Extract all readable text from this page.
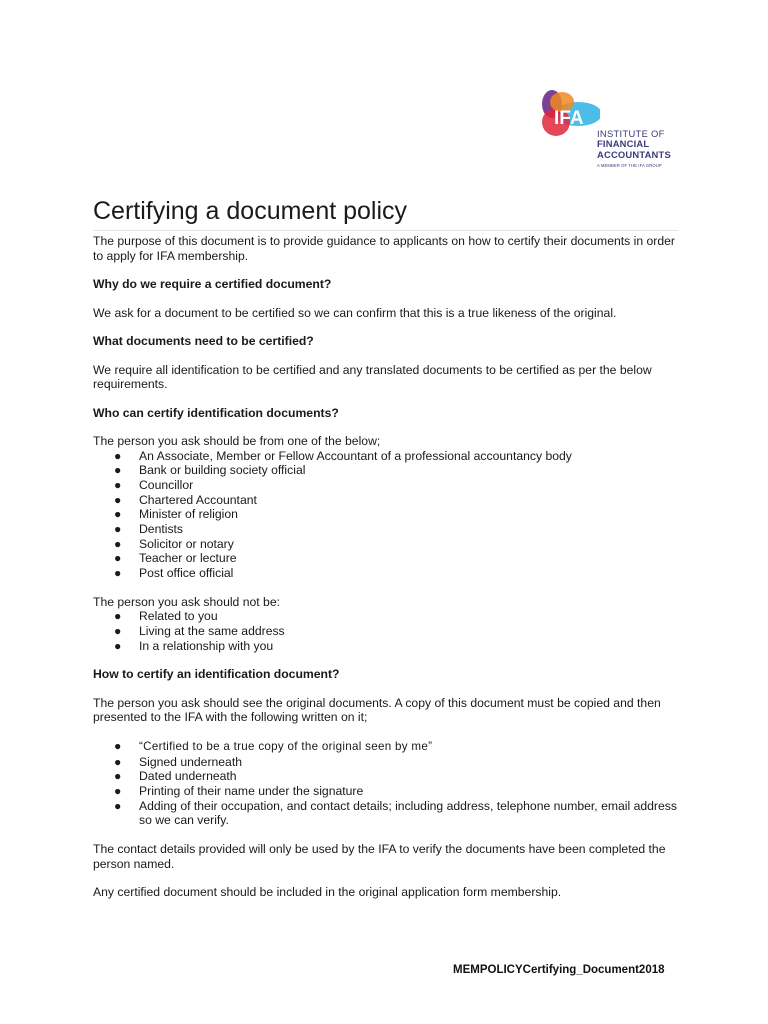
IFA
INSTITUTE OF
FINANCIAL
ACCOUNTANTS
A MEMBER OF THE IFA GROUP
Certifying a document policy

The purpose of this document is to provide guidance to applicants on how to certify their documents in order to apply for IFA membership.

Why do we require a certified document?

We ask for a document to be certified so we can confirm that this is a true likeness of the original.

What documents need to be certified?

We require all identification to be certified and any translated documents to be certified as per the below requirements.

Who can certify identification documents?

The person you ask should be from one of the below;

● An Associate, Member or Fellow Accountant of a professional accountancy body
● Bank or building society official
● Councillor
● Chartered Accountant
● Minister of religion
● Dentists
● Solicitor or notary
● Teacher or lecture
● Post office official

The person you ask should not be:

● Related to you
● Living at the same address
● In a relationship with you

How to certify an identification document?

The person you ask should see the original documents. A copy of this document must be copied and then presented to the IFA with the following written on it;

● “Certified to be a true copy of the original seen by me”
● Signed underneath
● Dated underneath
● Printing of their name under the signature
● Adding of their occupation, and contact details; including address, telephone number, email address so we can verify.

The contact details provided will only be used by the IFA to verify the documents have been completed the person named.

Any certified document should be included in the original application form membership.

MEMPOLICYCertifying_Document2018
